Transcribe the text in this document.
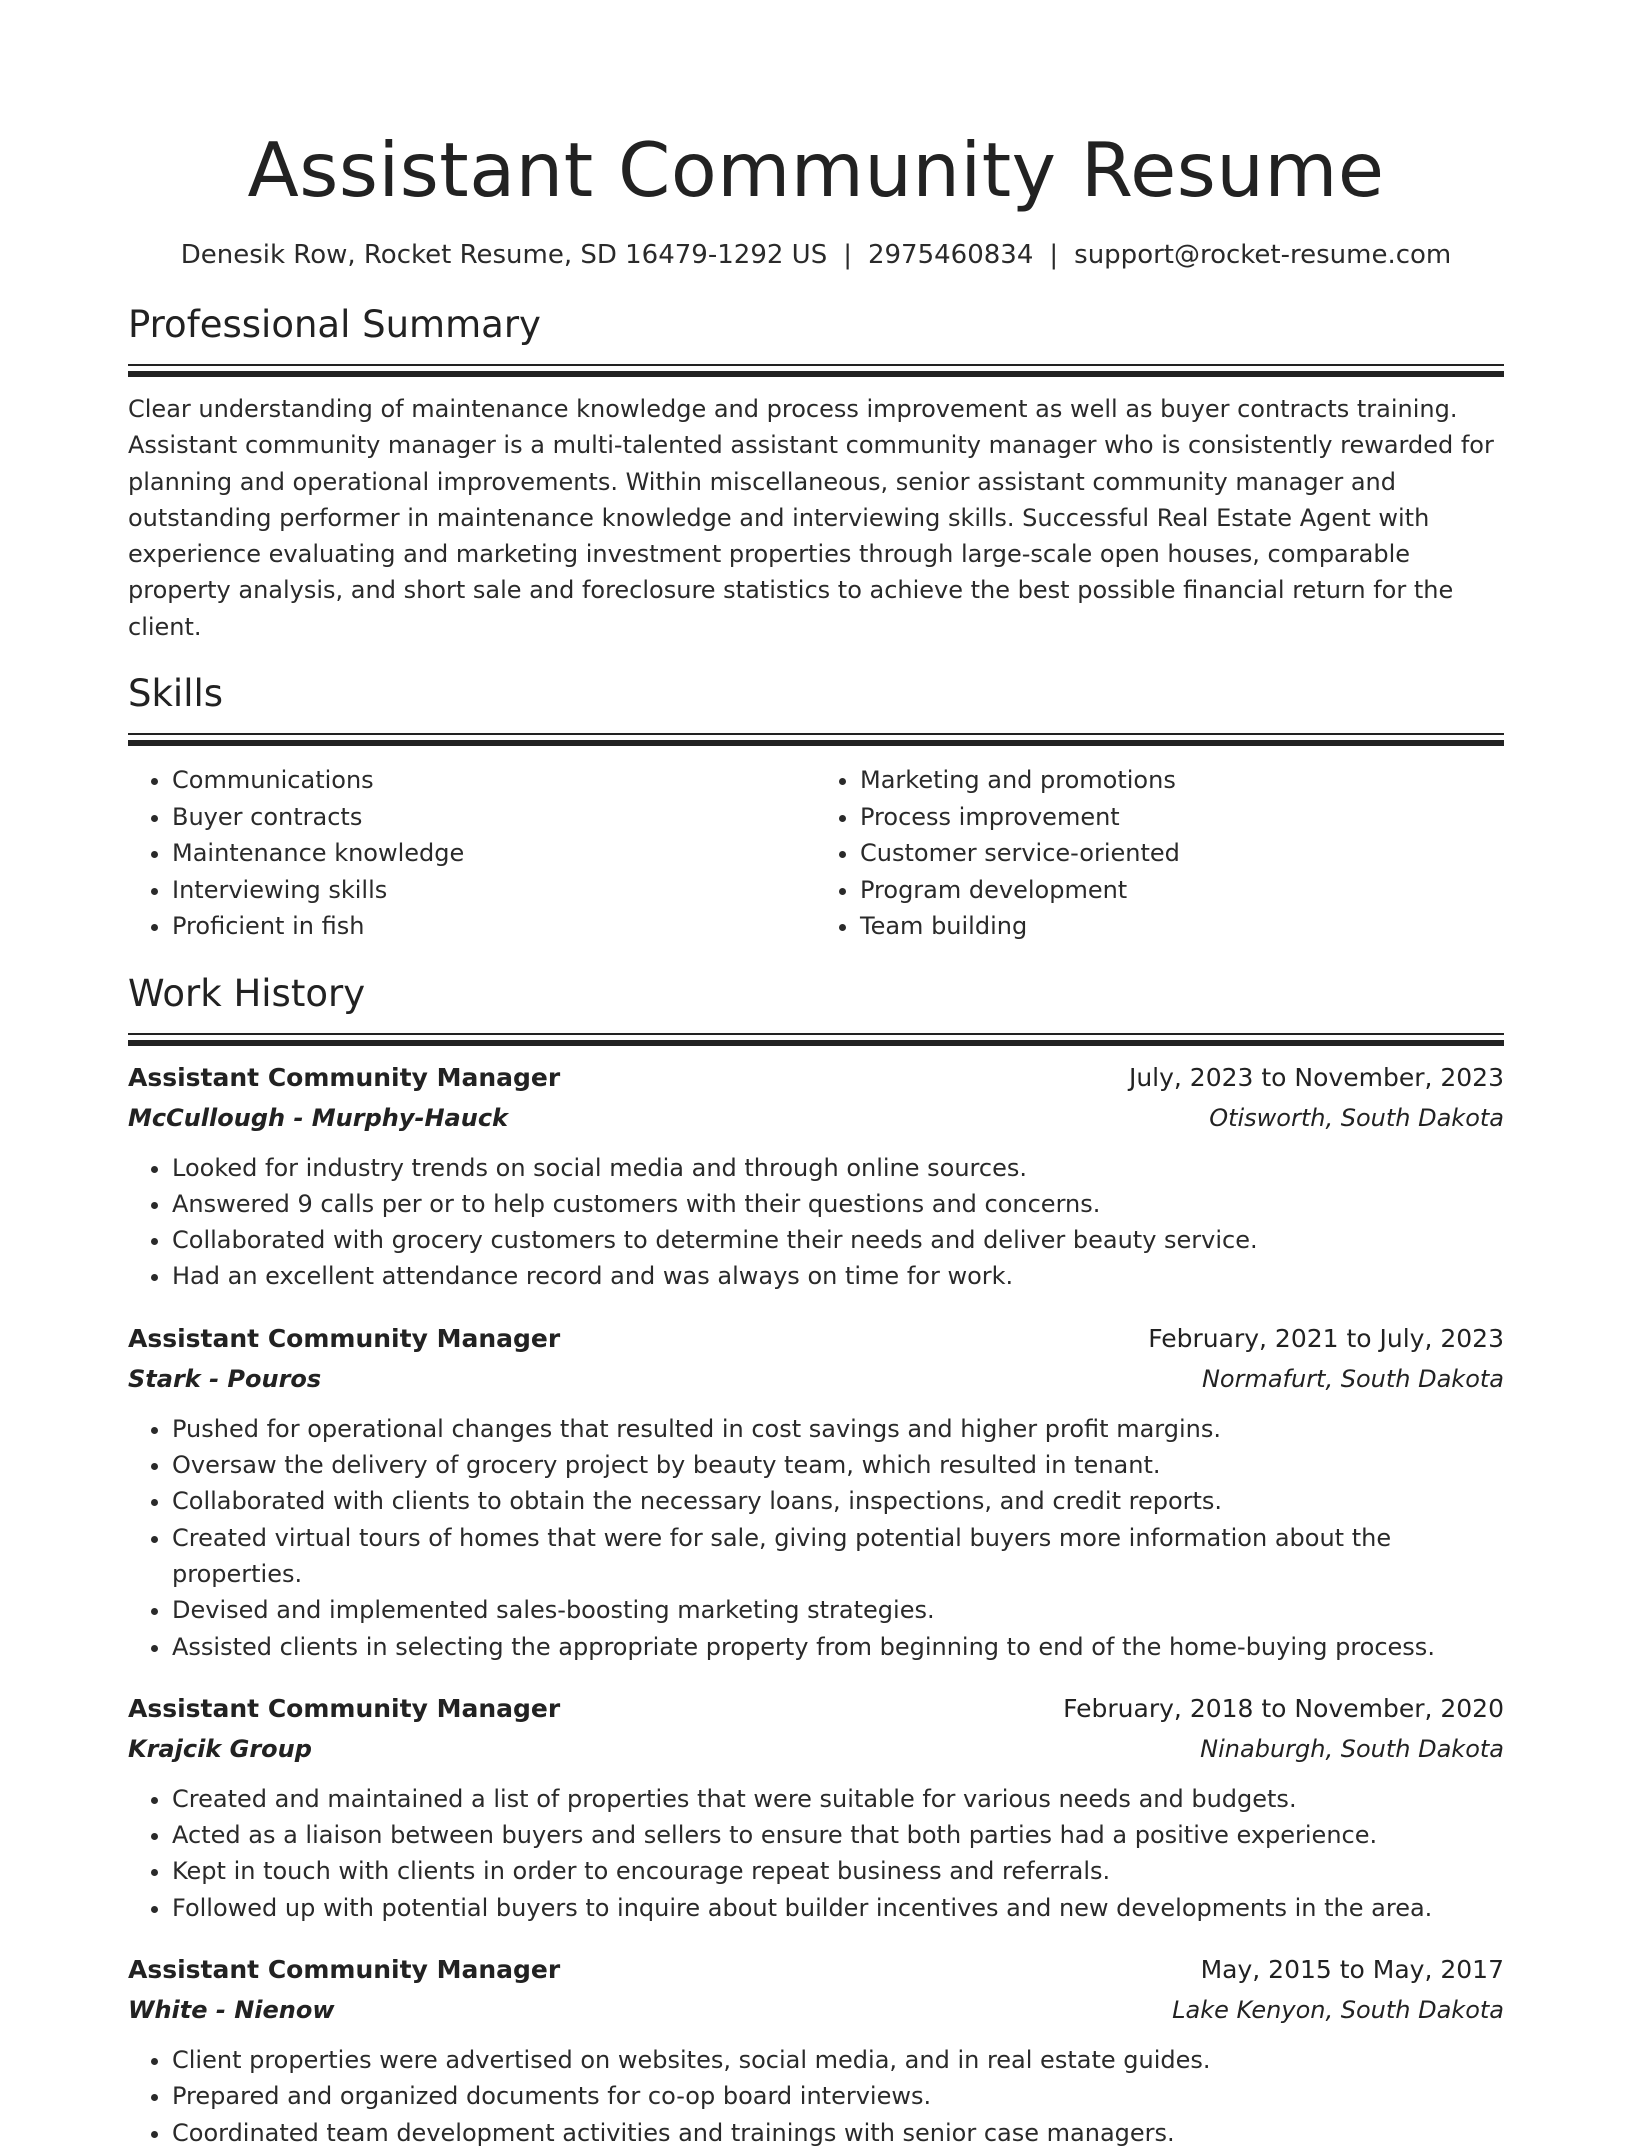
Assistant Community Resume
Denesik Row, Rocket Resume, SD 16479-1292 US | 2975460834 | support@rocket-resume.com
Professional Summary

Clear understanding of maintenance knowledge and process improvement as well as buyer contracts training. Assistant community manager is a multi-talented assistant community manager who is consistently rewarded for planning and operational improvements. Within miscellaneous, senior assistant community manager and outstanding performer in maintenance knowledge and interviewing skills. Successful Real Estate Agent with experience evaluating and marketing investment properties through large-scale open houses, comparable property analysis, and short sale and foreclosure statistics to achieve the best possible financial return for the client.

Skills
• Communications
• Buyer contracts
• Maintenance knowledge
• Interviewing skills
• Proficient in fish
• Marketing and promotions
• Process improvement
• Customer service-oriented
• Program development
• Team building
Work History
Assistant Community Manager	July, 2023 to November, 2023
McCullough - Murphy-Hauck	Otisworth, South Dakota
• Looked for industry trends on social media and through online sources.
• Answered 9 calls per or to help customers with their questions and concerns.
• Collaborated with grocery customers to determine their needs and deliver beauty service.
• Had an excellent attendance record and was always on time for work.
Assistant Community Manager	February, 2021 to July, 2023
Stark - Pouros	Normafurt, South Dakota
• Pushed for operational changes that resulted in cost savings and higher profit margins.
• Oversaw the delivery of grocery project by beauty team, which resulted in tenant.
• Collaborated with clients to obtain the necessary loans, inspections, and credit reports.
• Created virtual tours of homes that were for sale, giving potential buyers more information about the properties.
• Devised and implemented sales-boosting marketing strategies.
• Assisted clients in selecting the appropriate property from beginning to end of the home-buying process.
Assistant Community Manager	February, 2018 to November, 2020
Krajcik Group	Ninaburgh, South Dakota
• Created and maintained a list of properties that were suitable for various needs and budgets.
• Acted as a liaison between buyers and sellers to ensure that both parties had a positive experience.
• Kept in touch with clients in order to encourage repeat business and referrals.
• Followed up with potential buyers to inquire about builder incentives and new developments in the area.
Assistant Community Manager	May, 2015 to May, 2017
White - Nienow	Lake Kenyon, South Dakota
• Client properties were advertised on websites, social media, and in real estate guides.
• Prepared and organized documents for co-op board interviews.
• Coordinated team development activities and trainings with senior case managers.
